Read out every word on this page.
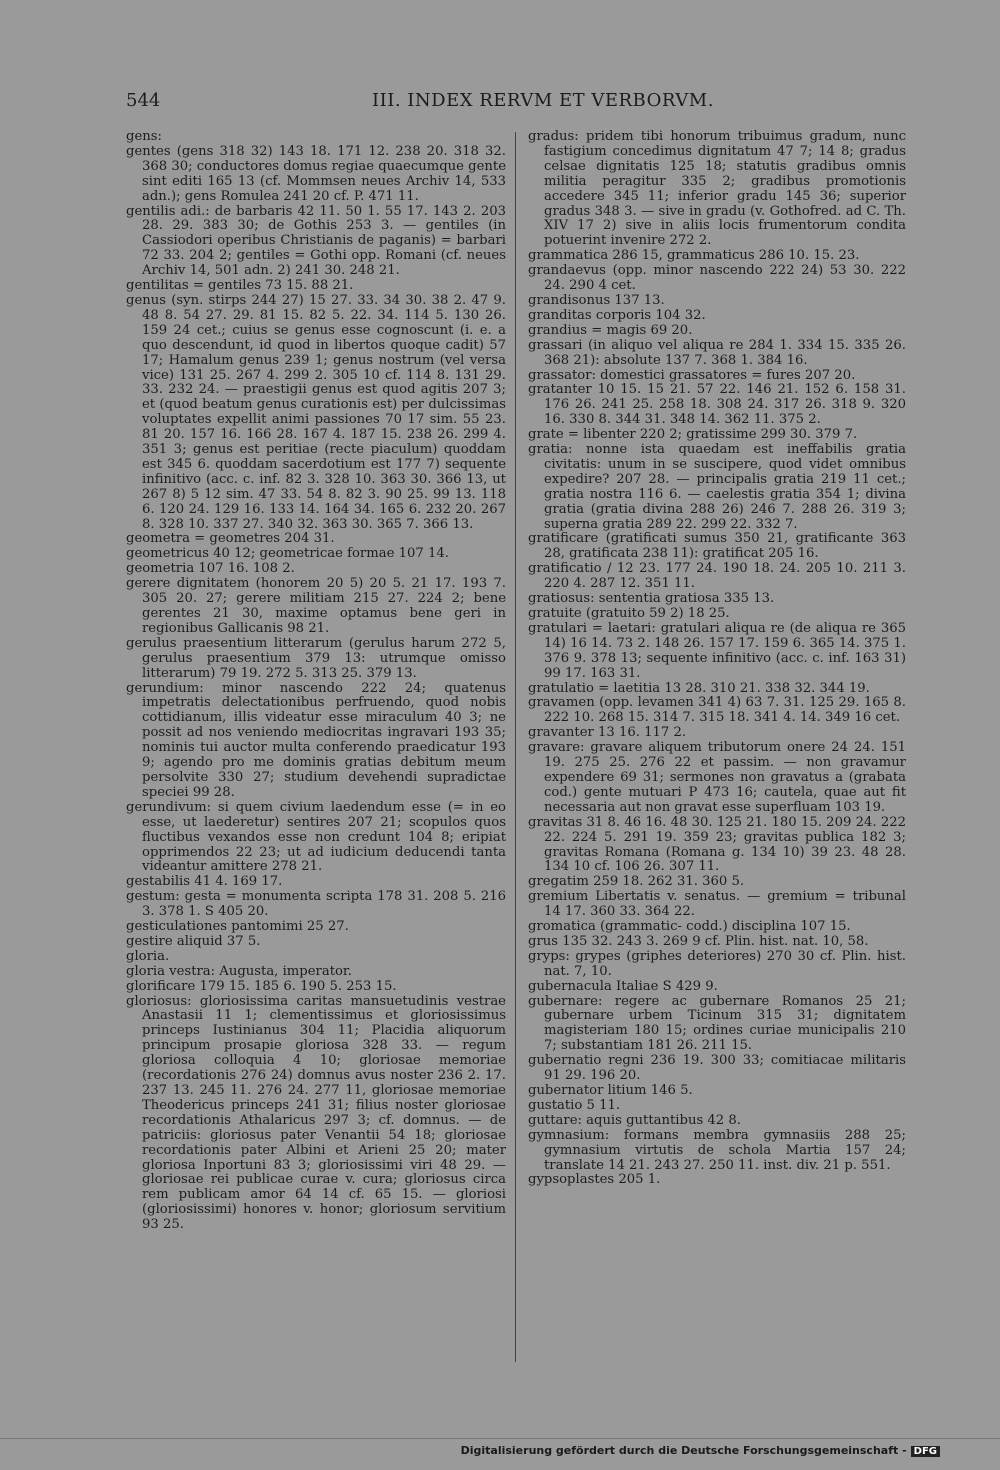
544	III. INDEX RERVM ET VERBORVM.

gens:

gentes (gens 318 32) 143 18. 171 12. 238 20. 318 32. 368 30; conductores domus regiae quaecumque gente sint editi 165 13 (cf. Mommsen neues Archiv 14, 533 adn.); gens Romulea 241 20 cf. P. 471 11.

gentilis adi.: de barbaris 42 11. 50 1. 55 17. 143 2. 203 28. 29. 383 30; de Gothis 253 3. — gentiles (in Cassiodori operibus Christianis de paganis) = barbari 72 33. 204 2; gentiles = Gothi opp. Romani (cf. neues Archiv 14, 501 adn. 2) 241 30. 248 21.

gentilitas = gentiles 73 15. 88 21.

genus (syn. stirps 244 27) 15 27. 33. 34 30. 38 2. 47 9. 48 8. 54 27. 29. 81 15. 82 5. 22. 34. 114 5. 130 26. 159 24 cet.; cuius se genus esse cognoscunt (i. e. a quo descendunt, id quod in libertos quoque cadit) 57 17; Hamalum genus 239 1; genus nostrum (vel versa vice) 131 25. 267 4. 299 2. 305 10 cf. 114 8. 131 29. 33. 232 24. — praestigii genus est quod agitis 207 3; et (quod beatum genus curationis est) per dulcissimas voluptates expellit animi passiones 70 17 sim. 55 23. 81 20. 157 16. 166 28. 167 4. 187 15. 238 26. 299 4. 351 3; genus est peritiae (recte piaculum) quoddam est 345 6. quoddam sacerdotium est 177 7) sequente infinitivo (acc. c. inf. 82 3. 328 10. 363 30. 366 13, ut 267 8) 5 12 sim. 47 33. 54 8. 82 3. 90 25. 99 13. 118 6. 120 24. 129 16. 133 14. 164 34. 165 6. 232 20. 267 8. 328 10. 337 27. 340 32. 363 30. 365 7. 366 13.

geometra = geometres 204 31.

geometricus 40 12; geometricae formae 107 14.

geometria 107 16. 108 2.

gerere dignitatem (honorem 20 5) 20 5. 21 17. 193 7. 305 20. 27; gerere militiam 215 27. 224 2; bene gerentes 21 30, maxime optamus bene geri in regionibus Gallicanis 98 21.

gerulus praesentium litterarum (gerulus harum 272 5, gerulus praesentium 379 13: utrumque omisso litterarum) 79 19. 272 5. 313 25. 379 13.

gerundium: minor nascendo 222 24; quatenus impetratis delectationibus perfruendo, quod nobis cottidianum, illis videatur esse miraculum 40 3; ne possit ad nos veniendo mediocritas ingravari 193 35; nominis tui auctor multa conferendo praedicatur 193 9; agendo pro me dominis gratias debitum meum persolvite 330 27; studium devehendi supradictae speciei 99 28.

gerundivum: si quem civium laedendum esse (= in eo esse, ut laederetur) sentires 207 21; scopulos quos fluctibus vexandos esse non credunt 104 8; eripiat opprimendos 22 23; ut ad iudicium deducendi tanta videantur amittere 278 21.

gestabilis 41 4. 169 17.

gestum: gesta = monumenta scripta 178 31. 208 5. 216 3. 378 1. S 405 20.

gesticulationes pantomimi 25 27.

gestire aliquid 37 5.

gloria.

gloria vestra: Augusta, imperator.

glorificare 179 15. 185 6. 190 5. 253 15.

gloriosus: gloriosissima caritas mansuetudinis vestrae Anastasii 11 1; clementissimus et gloriosissimus princeps Iustinianus 304 11; Placidia aliquorum principum prosapie gloriosa 328 33. — regum gloriosa colloquia 4 10; gloriosae memoriae (recordationis 276 24) domnus avus noster 236 2. 17. 237 13. 245 11. 276 24. 277 11, gloriosae memoriae Theodericus princeps 241 31; filius noster gloriosae recordationis Athalaricus 297 3; cf. domnus. — de patriciis: gloriosus pater Venantii 54 18; gloriosae recordationis pater Albini et Arieni 25 20; mater gloriosa Inportuni 83 3; gloriosissimi viri 48 29. — gloriosae rei publicae curae v. cura; gloriosus circa rem publicam amor 64 14 cf. 65 15. — gloriosi (gloriosissimi) honores v. honor; gloriosum servitium 93 25.

gradus: pridem tibi honorum tribuimus gradum, nunc fastigium concedimus dignitatum 47 7; 14 8; gradus celsae dignitatis 125 18; statutis gradibus omnis militia peragitur 335 2; gradibus promotionis accedere 345 11; inferior gradu 145 36; superior gradus 348 3. — sive in gradu (v. Gothofred. ad C. Th. XIV 17 2) sive in aliis locis frumentorum condita potuerint invenire 272 2.

grammatica 286 15, grammaticus 286 10. 15. 23.

grandaevus (opp. minor nascendo 222 24) 53 30. 222 24. 290 4 cet.

grandisonus 137 13.

granditas corporis 104 32.

grandius = magis 69 20.

grassari (in aliquo vel aliqua re 284 1. 334 15. 335 26. 368 21): absolute 137 7. 368 1. 384 16.

grassator: domestici grassatores = fures 207 20.

gratanter 10 15. 15 21. 57 22. 146 21. 152 6. 158 31. 176 26. 241 25. 258 18. 308 24. 317 26. 318 9. 320 16. 330 8. 344 31. 348 14. 362 11. 375 2.

grate = libenter 220 2; gratissime 299 30. 379 7.

gratia: nonne ista quaedam est ineffabilis gratia civitatis: unum in se suscipere, quod videt omnibus expedire? 207 28. — principalis gratia 219 11 cet.; gratia nostra 116 6. — caelestis gratia 354 1; divina gratia (gratia divina 288 26) 246 7. 288 26. 319 3; superna gratia 289 22. 299 22. 332 7.

gratificare (gratificati sumus 350 21, gratificante 363 28, gratificata 238 11): gratificat 205 16.

gratificatio / 12 23. 177 24. 190 18. 24. 205 10. 211 3. 220 4. 287 12. 351 11.

gratiosus: sententia gratiosa 335 13.

gratuite (gratuito 59 2) 18 25.

gratulari = laetari: gratulari aliqua re (de aliqua re 365 14) 16 14. 73 2. 148 26. 157 17. 159 6. 365 14. 375 1. 376 9. 378 13; sequente infinitivo (acc. c. inf. 163 31) 99 17. 163 31.

gratulatio = laetitia 13 28. 310 21. 338 32. 344 19.

gravamen (opp. levamen 341 4) 63 7. 31. 125 29. 165 8. 222 10. 268 15. 314 7. 315 18. 341 4. 14. 349 16 cet.

gravanter 13 16. 117 2.

gravare: gravare aliquem tributorum onere 24 24. 151 19. 275 25. 276 22 et passim. — non gravamur expendere 69 31; sermones non gravatus a (grabata cod.) gente mutuari P 473 16; cautela, quae aut fit necessaria aut non gravat esse superfluam 103 19.

gravitas 31 8. 46 16. 48 30. 125 21. 180 15. 209 24. 222 22. 224 5. 291 19. 359 23; gravitas publica 182 3; gravitas Romana (Romana g. 134 10) 39 23. 48 28. 134 10 cf. 106 26. 307 11.

gregatim 259 18. 262 31. 360 5.

gremium Libertatis v. senatus. — gremium = tribunal 14 17. 360 33. 364 22.

gromatica (grammatic- codd.) disciplina 107 15.

grus 135 32. 243 3. 269 9 cf. Plin. hist. nat. 10, 58.

gryps: grypes (griphes deteriores) 270 30 cf. Plin. hist. nat. 7, 10.

gubernacula Italiae S 429 9.

gubernare: regere ac gubernare Romanos 25 21; gubernare urbem Ticinum 315 31; dignitatem magisteriam 180 15; ordines curiae municipalis 210 7; substantiam 181 26. 211 15.

gubernatio regni 236 19. 300 33; comitiacae militaris 91 29. 196 20.

gubernator litium 146 5.

gustatio 5 11.

guttare: aquis guttantibus 42 8.

gymnasium: formans membra gymnasiis 288 25; gymnasium virtutis de schola Martia 157 24; translate 14 21. 243 27. 250 11. inst. div. 21 p. 551.

gypsoplastes 205 1.

Digitalisierung gefördert durch die Deutsche Forschungsgemeinschaft - DFG
